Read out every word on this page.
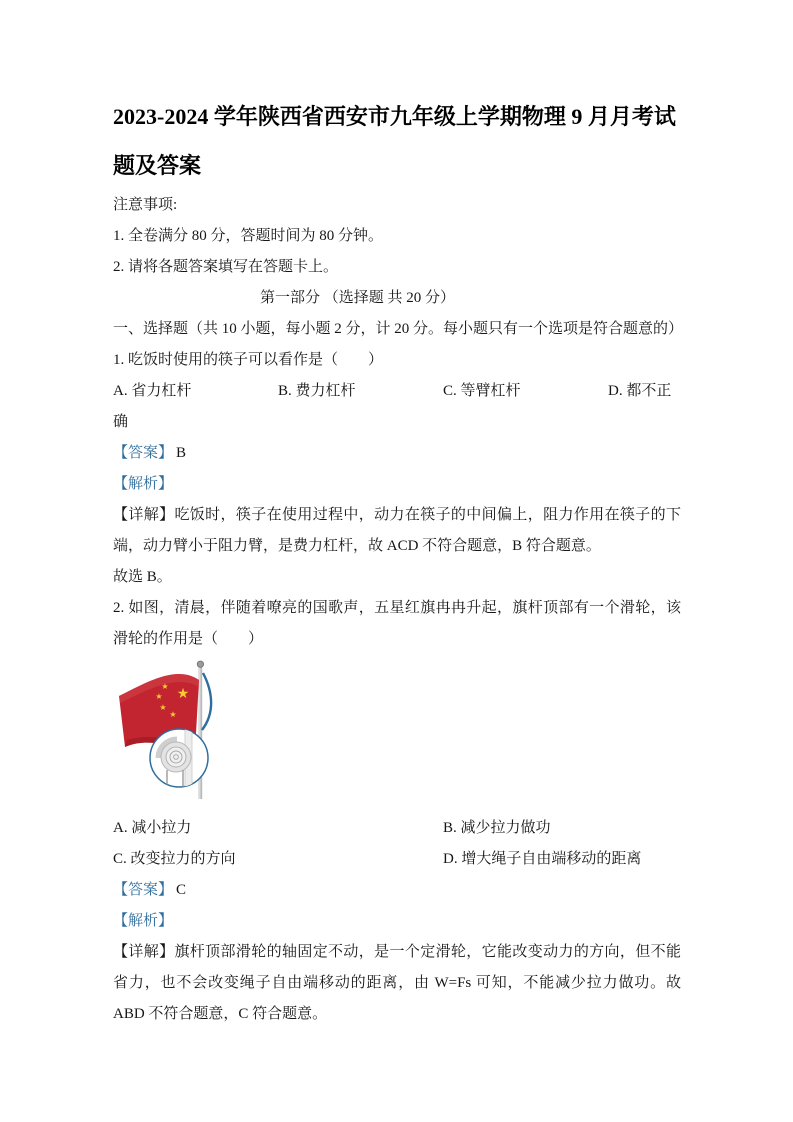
2023-2024 学年陕西省西安市九年级上学期物理 9 月月考试题及答案

注意事项:

1. 全卷满分 80 分，答题时间为 80 分钟。

2. 请将各题答案填写在答题卡上。

第一部分 （选择题 共 20 分）

一、选择题（共 10 小题，每小题 2 分，计 20 分。每小题只有一个选项是符合题意的）

1. 吃饭时使用的筷子可以看作是（　　）

A. 省力杠杆	B. 费力杠杆	C. 等臂杠杆	D. 都不正确

【答案】 B

【解析】

【详解】吃饭时，筷子在使用过程中，动力在筷子的中间偏上，阻力作用在筷子的下端，动力臂小于阻力臂，是费力杠杆，故 ACD 不符合题意，B 符合题意。

故选 B。

2. 如图，清晨，伴随着嘹亮的国歌声，五星红旗冉冉升起，旗杆顶部有一个滑轮，该滑轮的作用是（　　）

★
★
★
★
★

A. 减小拉力	B. 减少拉力做功

C. 改变拉力的方向	D. 增大绳子自由端移动的距离

【答案】 C

【解析】

【详解】旗杆顶部滑轮的轴固定不动，是一个定滑轮，它能改变动力的方向，但不能省力，也不会改变绳子自由端移动的距离，由 W=Fs 可知，不能减少拉力做功。故 ABD 不符合题意，C 符合题意。
